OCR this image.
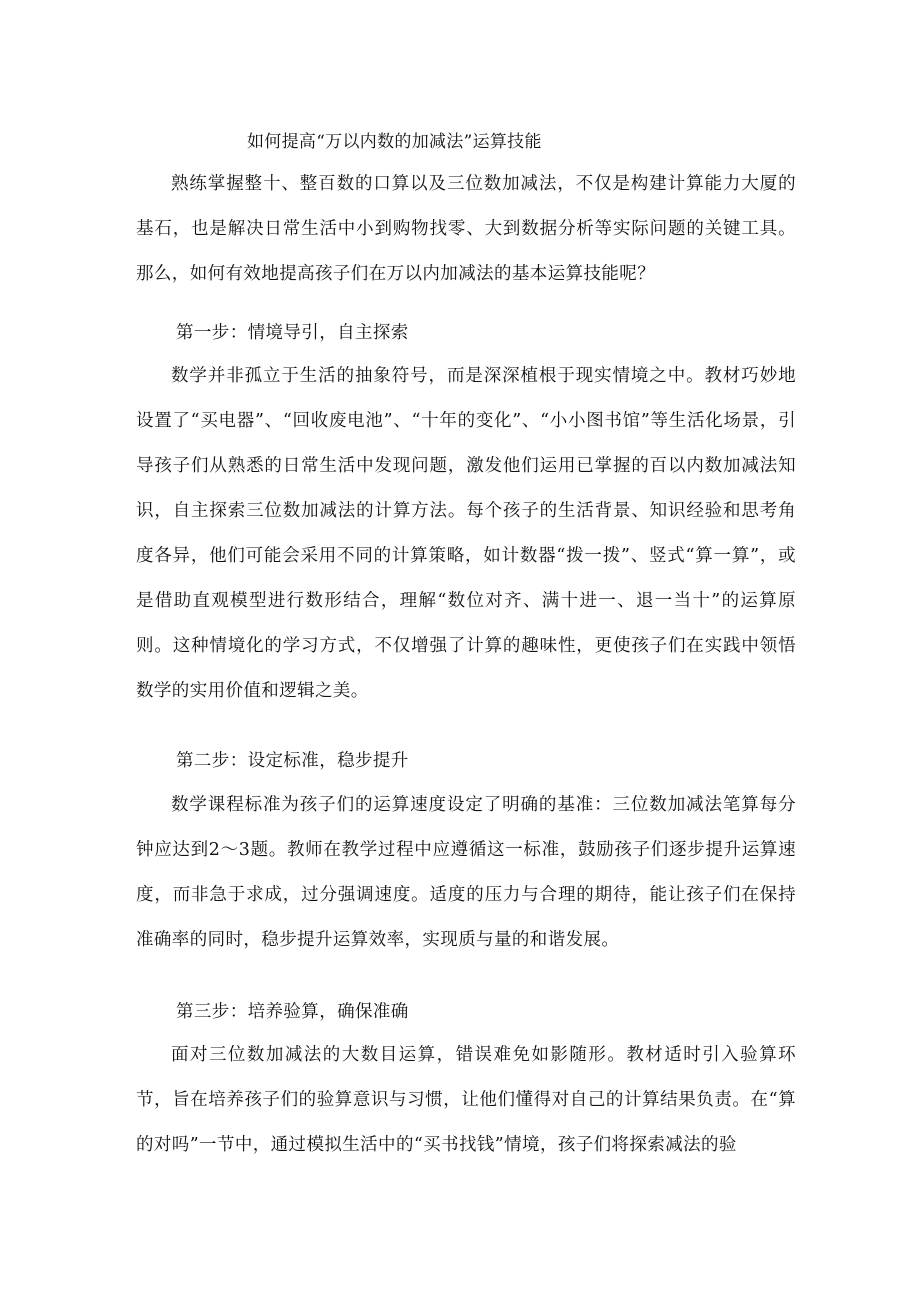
如何提高“万以内数的加减法”运算技能

熟练掌握整十、整百数的口算以及三位数加减法，不仅是构建计算能力大厦的基石，也是解决日常生活中小到购物找零、大到数据分析等实际问题的关键工具。那么，如何有效地提高孩子们在万以内加减法的基本运算技能呢？

第一步：情境导引，自主探索

数学并非孤立于生活的抽象符号，而是深深植根于现实情境之中。教材巧妙地设置了“买电器”、“回收废电池”、“十年的变化”、“小小图书馆”等生活化场景，引导孩子们从熟悉的日常生活中发现问题，激发他们运用已掌握的百以内数加减法知识，自主探索三位数加减法的计算方法。每个孩子的生活背景、知识经验和思考角度各异，他们可能会采用不同的计算策略，如计数器“拨一拨”、竖式“算一算”，或是借助直观模型进行数形结合，理解“数位对齐、满十进一、退一当十”的运算原则。这种情境化的学习方式，不仅增强了计算的趣味性，更使孩子们在实践中领悟数学的实用价值和逻辑之美。

第二步：设定标准，稳步提升

数学课程标准为孩子们的运算速度设定了明确的基准：三位数加减法笔算每分钟应达到2〜3题。教师在教学过程中应遵循这一标准，鼓励孩子们逐步提升运算速度，而非急于求成，过分强调速度。适度的压力与合理的期待，能让孩子们在保持准确率的同时，稳步提升运算效率，实现质与量的和谐发展。

第三步：培养验算，确保准确

面对三位数加减法的大数目运算，错误难免如影随形。教材适时引入验算环节，旨在培养孩子们的验算意识与习惯，让他们懂得对自己的计算结果负责。在“算的对吗”一节中，通过模拟生活中的“买书找钱”情境，孩子们将探索减法的验
